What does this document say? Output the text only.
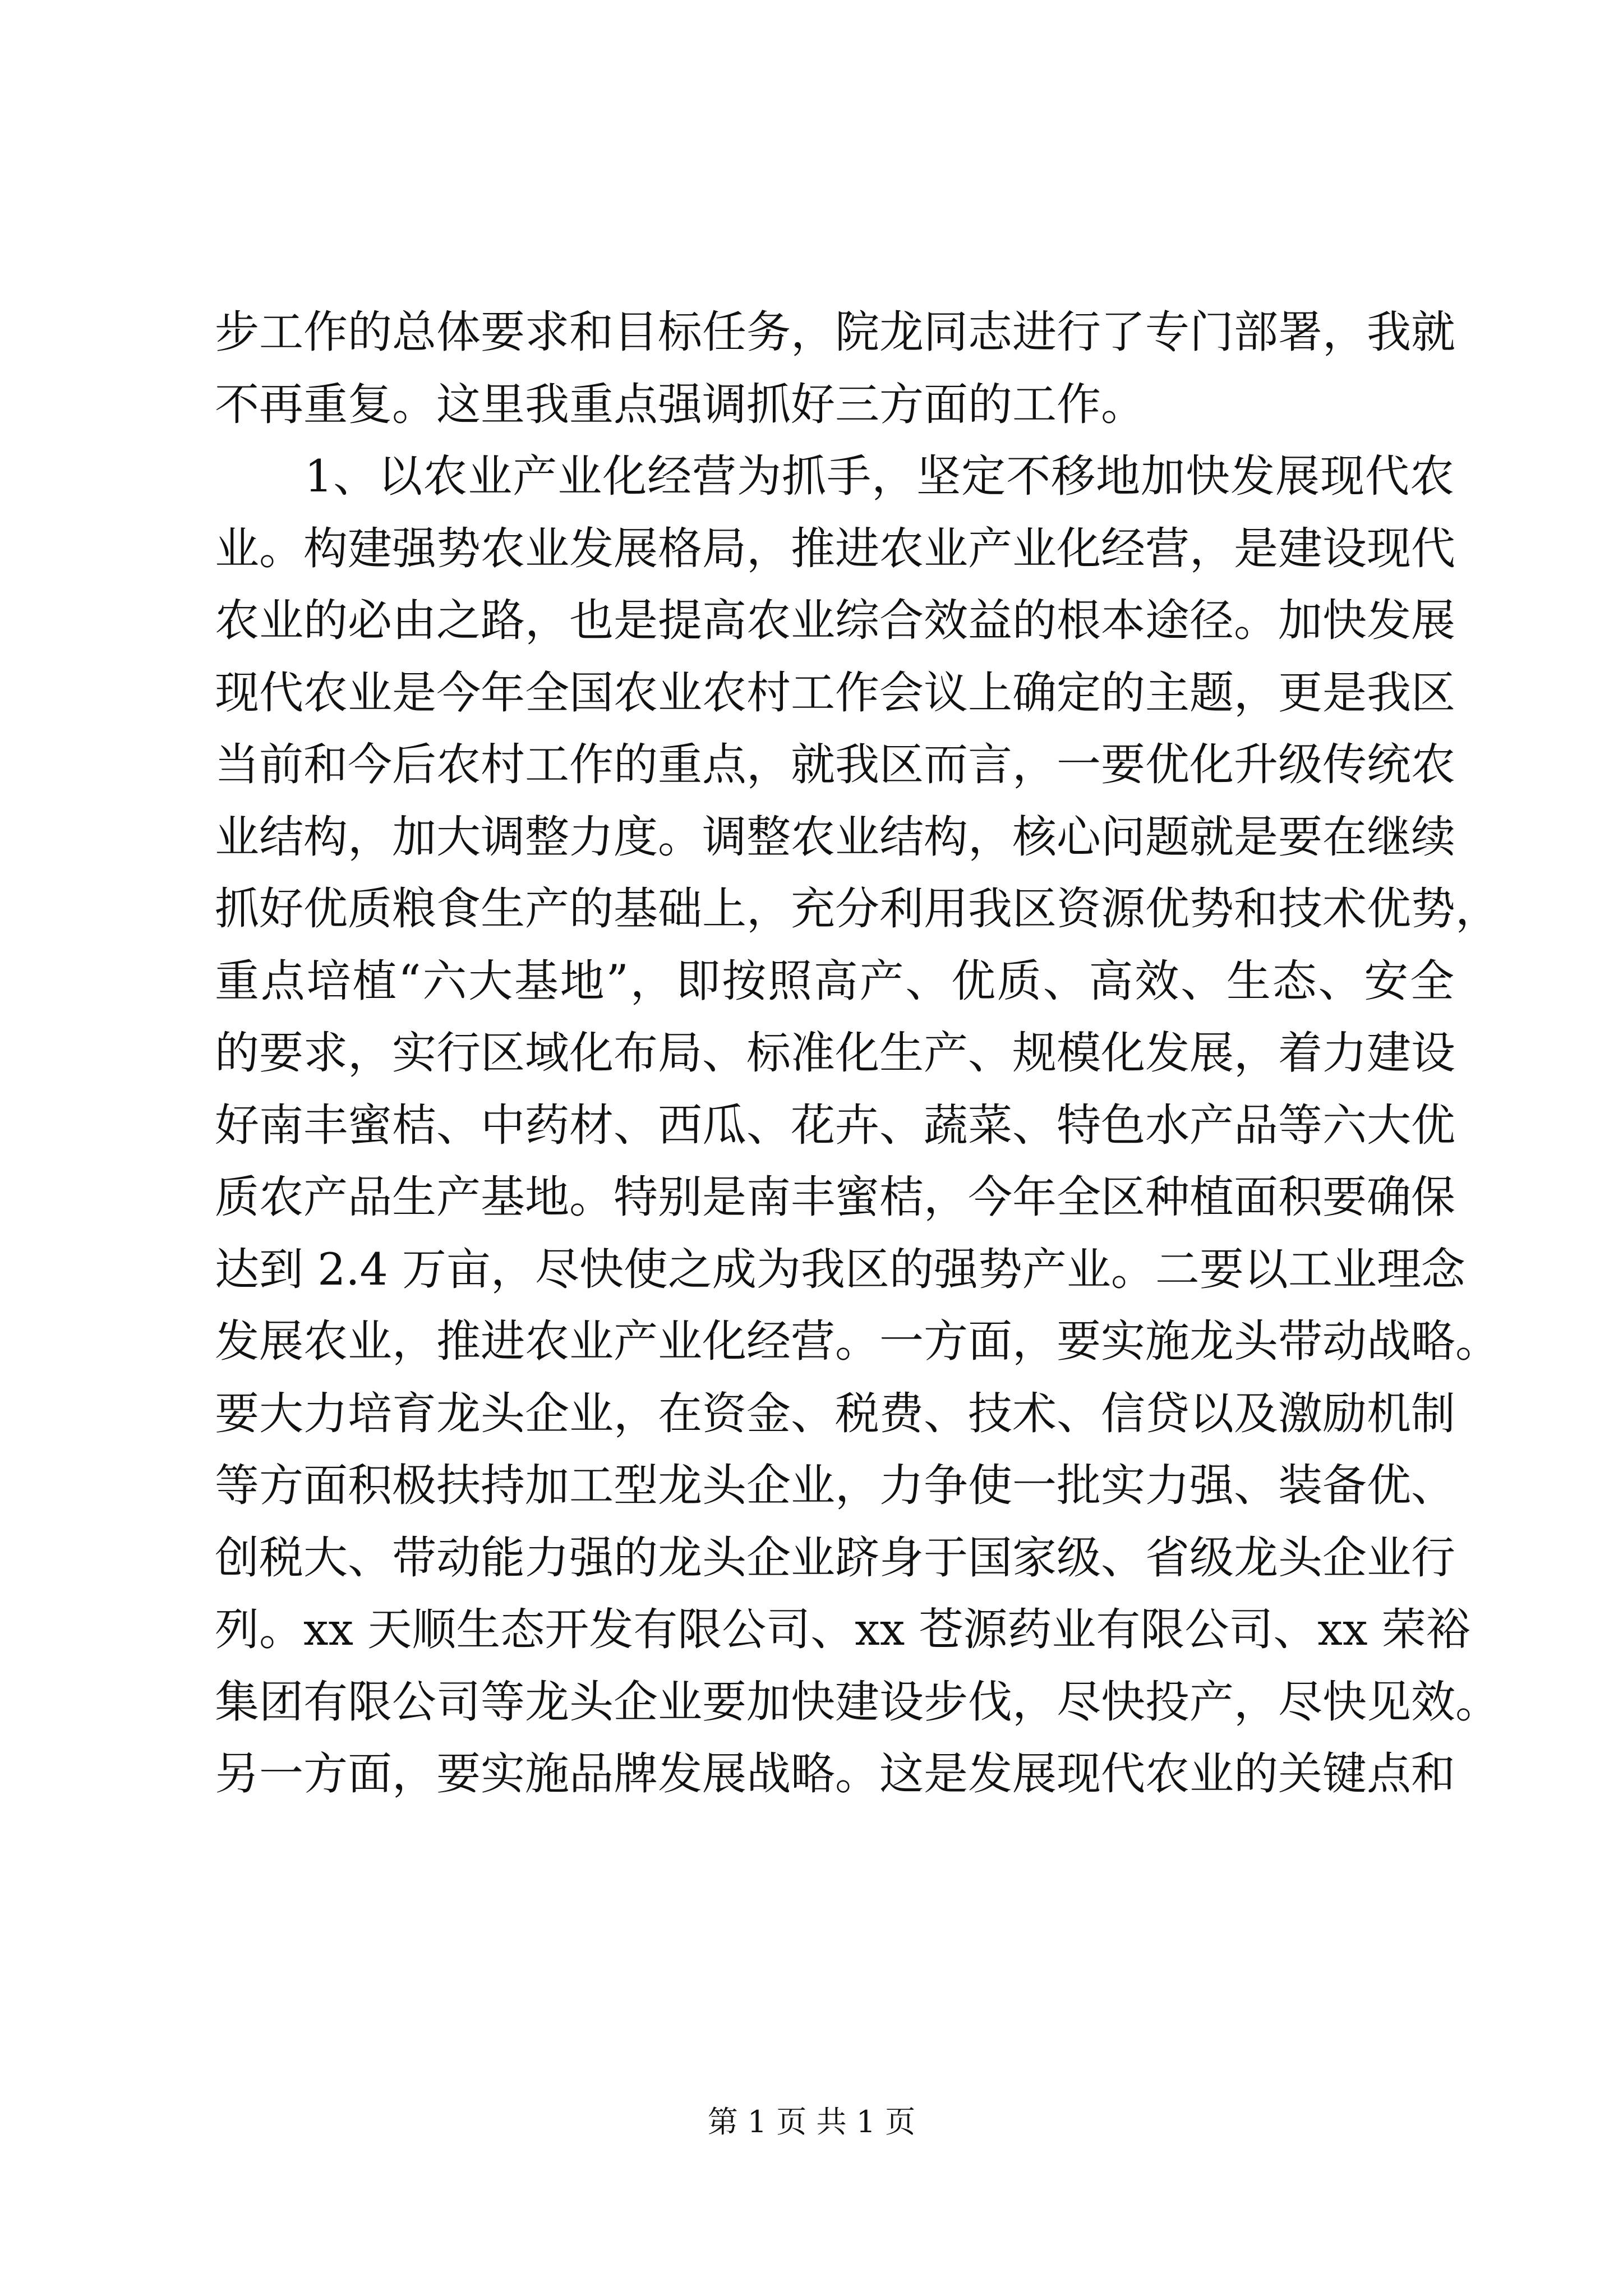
步工作的总体要求和目标任务，院龙同志进行了专门部署，我就
不再重复。这里我重点强调抓好三方面的工作。
1、以农业产业化经营为抓手，坚定不移地加快发展现代农
业。构建强势农业发展格局，推进农业产业化经营，是建设现代
农业的必由之路，也是提高农业综合效益的根本途径。加快发展
现代农业是今年全国农业农村工作会议上确定的主题，更是我区
当前和今后农村工作的重点，就我区而言，一要优化升级传统农
业结构，加大调整力度。调整农业结构，核心问题就是要在继续
抓好优质粮食生产的基础上，充分利用我区资源优势和技术优势，
重点培植“六大基地”，即按照高产、优质、高效、生态、安全
的要求，实行区域化布局、标准化生产、规模化发展，着力建设
好南丰蜜桔、中药材、西瓜、花卉、蔬菜、特色水产品等六大优
质农产品生产基地。特别是南丰蜜桔，今年全区种植面积要确保
达到 2.4 万亩，尽快使之成为我区的强势产业。二要以工业理念
发展农业，推进农业产业化经营。一方面，要实施龙头带动战略。
要大力培育龙头企业，在资金、税费、技术、信贷以及激励机制
等方面积极扶持加工型龙头企业，力争使一批实力强、装备优、
创税大、带动能力强的龙头企业跻身于国家级、省级龙头企业行
列。xx 天顺生态开发有限公司、xx 苍源药业有限公司、xx 荣裕
集团有限公司等龙头企业要加快建设步伐，尽快投产，尽快见效。
另一方面，要实施品牌发展战略。这是发展现代农业的关键点和
第 1 页 共 1 页
